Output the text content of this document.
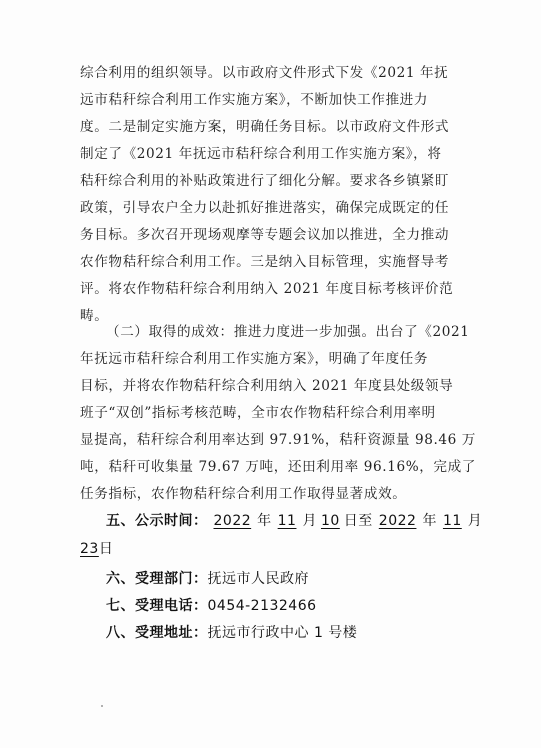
综合利用的组织领导。以市政府文件形式下发《2021 年抚
远市秸秆综合利用工作实施方案》，不断加快工作推进力
度。二是制定实施方案，明确任务目标。以市政府文件形式
制定了《2021 年抚远市秸秆综合利用工作实施方案》，将
秸秆综合利用的补贴政策进行了细化分解。要求各乡镇紧盯
政策，引导农户全力以赴抓好推进落实，确保完成既定的任
务目标。多次召开现场观摩等专题会议加以推进，全力推动
农作物秸秆综合利用工作。三是纳入目标管理，实施督导考
评。将农作物秸秆综合利用纳入 2021 年度目标考核评价范
畴。
（二）取得的成效：推进力度进一步加强。出台了《2021
年抚远市秸秆综合利用工作实施方案》，明确了年度任务
目标，并将农作物秸秆综合利用纳入 2021 年度县处级领导
班子“双创”指标考核范畴，全市农作物秸秆综合利用率明
显提高，秸秆综合利用率达到 97.91%，秸秆资源量 98.46 万
吨，秸秆可收集量 79.67 万吨，还田利用率 96.16%，完成了
任务指标，农作物秸秆综合利用工作取得显著成效。
五、公示时间： 2022 年 11 月 10 日至 2022 年 11 月
23日
六、受理部门：抚远市人民政府
七、受理电话：0454-2132466
八、受理地址：抚远市行政中心 1 号楼
